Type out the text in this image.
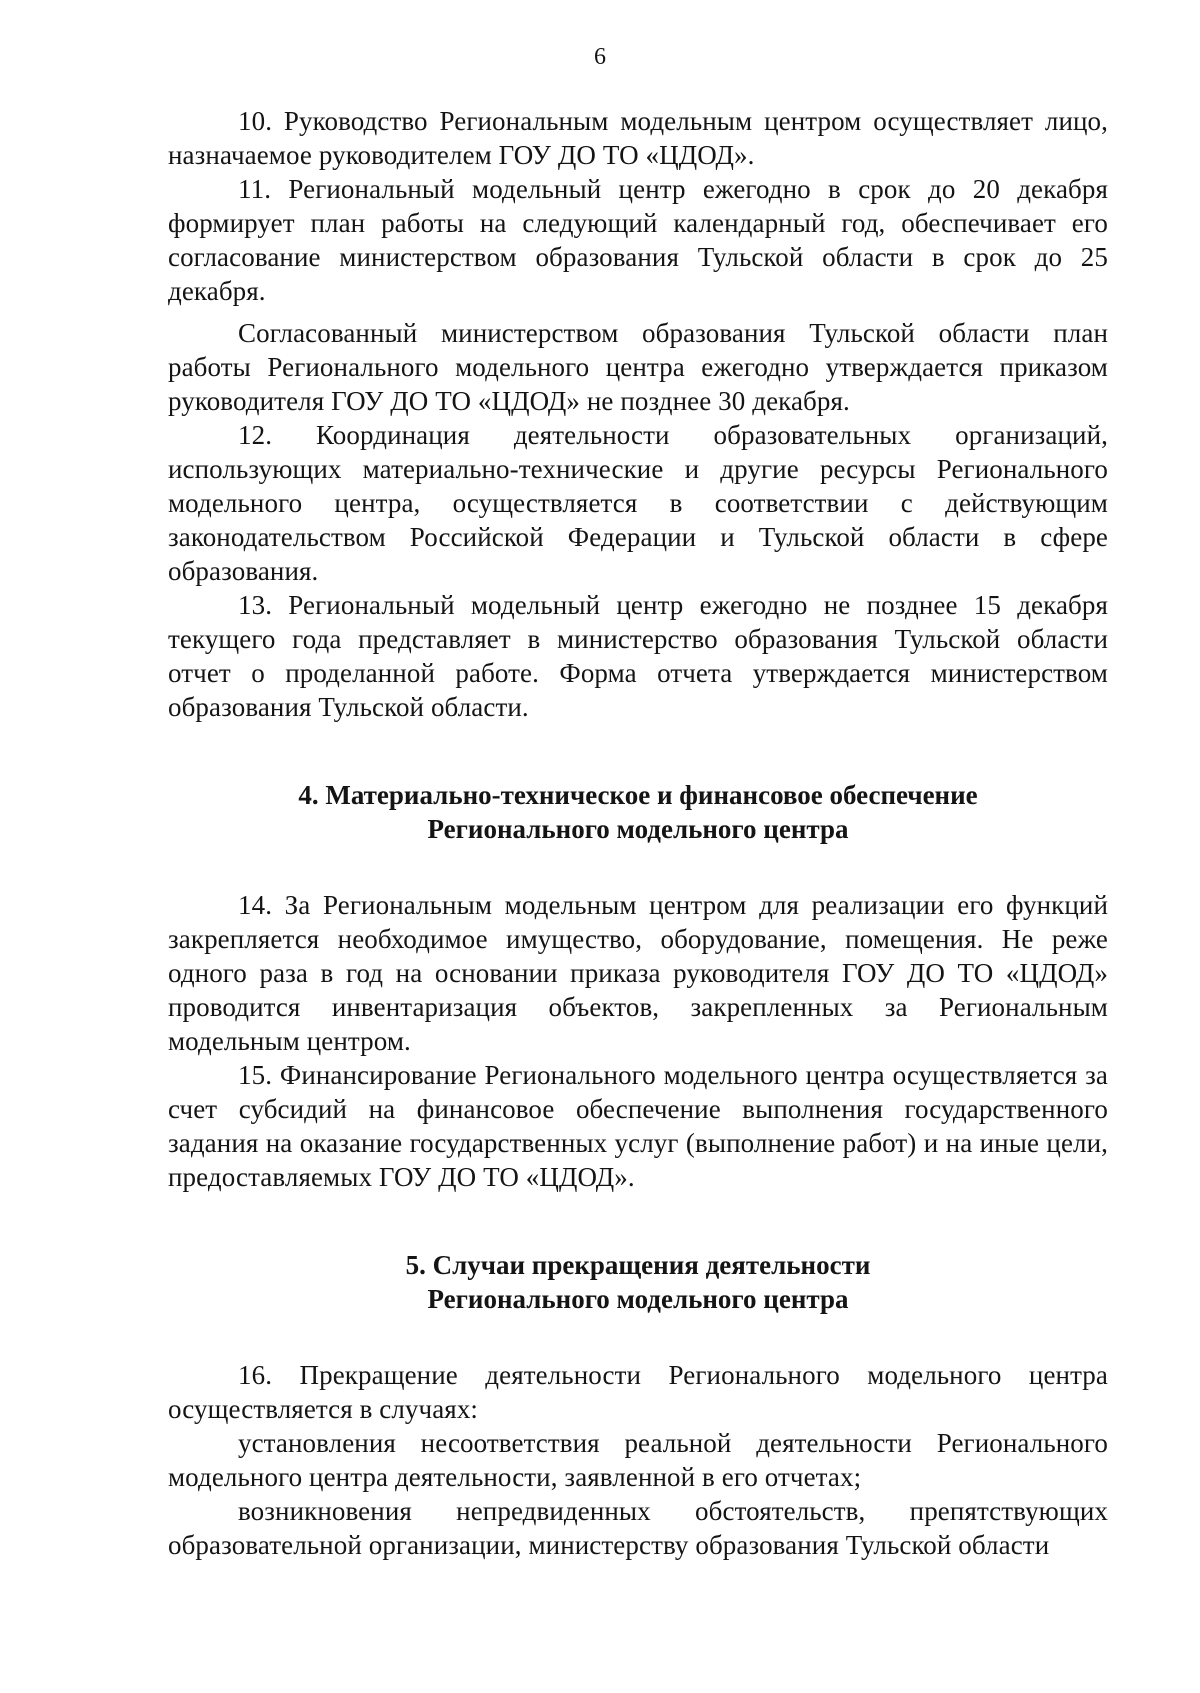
6

10. Руководство Региональным модельным центром осуществляет лицо, назначаемое руководителем ГОУ ДО ТО «ЦДОД».

11. Региональный модельный центр ежегодно в срок до 20 декабря формирует план работы на следующий календарный год, обеспечивает его согласование министерством образования Тульской области в срок до 25 декабря.

Согласованный министерством образования Тульской области план работы Регионального модельного центра ежегодно утверждается приказом руководителя ГОУ ДО ТО «ЦДОД» не позднее 30 декабря.

12. Координация деятельности образовательных организаций, использующих материально-технические и другие ресурсы Регионального модельного центра, осуществляется в соответствии с действующим законодательством Российской Федерации и Тульской области в сфере образования.

13. Региональный модельный центр ежегодно не позднее 15 декабря текущего года представляет в министерство образования Тульской области отчет о проделанной работе. Форма отчета утверждается министерством образования Тульской области.

4. Материально-техническое и финансовое обеспечение
Регионального модельного центра

14. За Региональным модельным центром для реализации его функций закрепляется необходимое имущество, оборудование, помещения. Не реже одного раза в год на основании приказа руководителя ГОУ ДО ТО «ЦДОД» проводится инвентаризация объектов, закрепленных за Региональным модельным центром.

15. Финансирование Регионального модельного центра осуществляется за счет субсидий на финансовое обеспечение выполнения государственного задания на оказание государственных услуг (выполнение работ) и на иные цели, предоставляемых ГОУ ДО ТО «ЦДОД».

5. Случаи прекращения деятельности
Регионального модельного центра

16. Прекращение деятельности Регионального модельного центра осуществляется в случаях:

установления несоответствия реальной деятельности Регионального модельного центра деятельности, заявленной в его отчетах;

возникновения непредвиденных обстоятельств, препятствующих образовательной организации, министерству образования Тульской области
